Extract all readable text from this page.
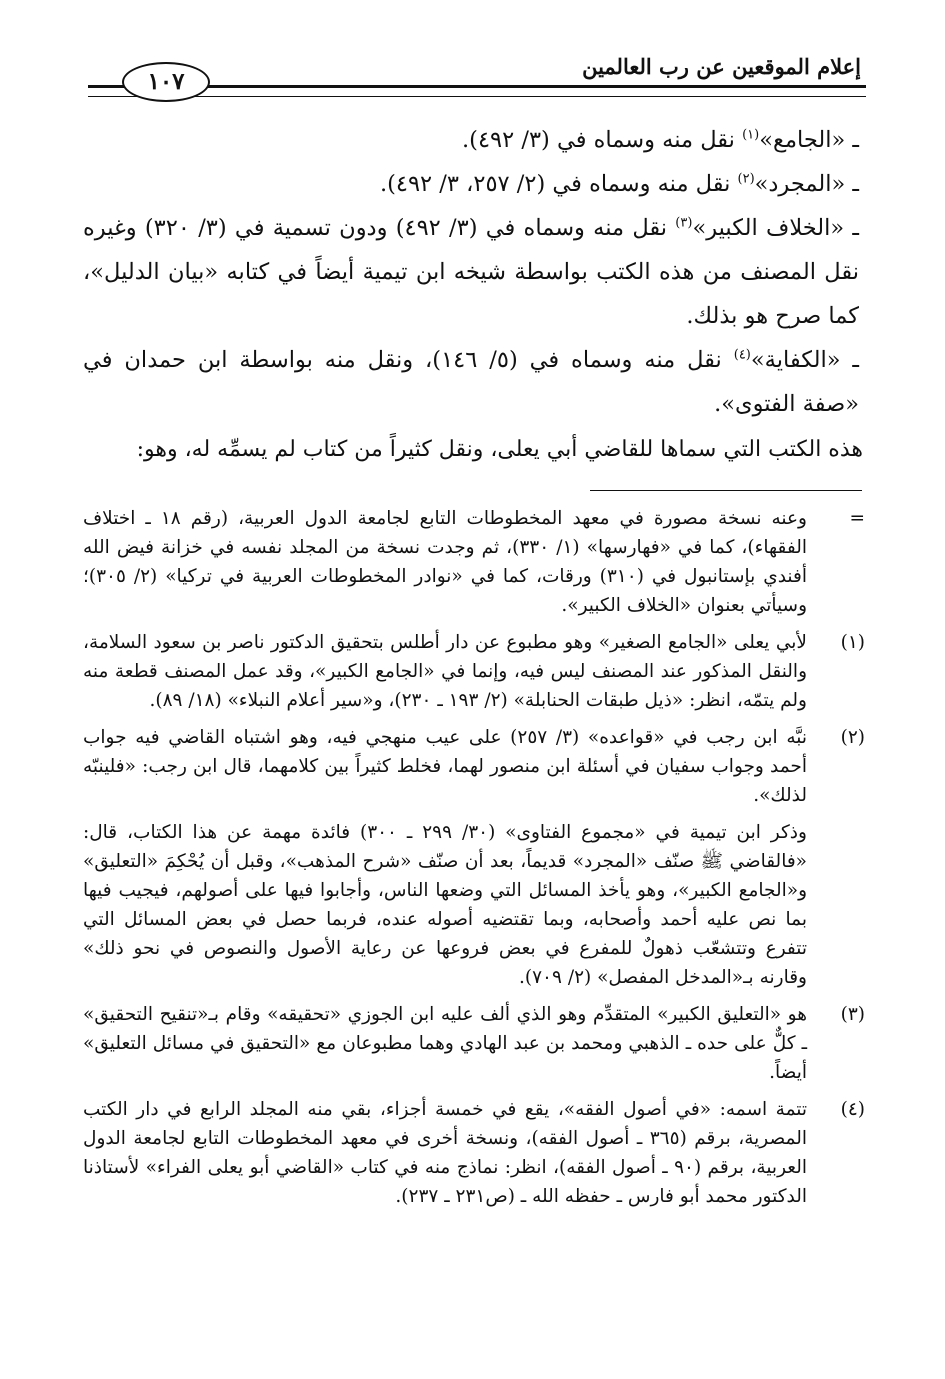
إعلام الموقعين عن رب العالمين
١٠٧

ـ «الجامع»$^{(١)}$ نقل منه وسماه في (٣/ ٤٩٢).

ـ «المجرد»$^{(٢)}$ نقل منه وسماه في (٢/ ٢٥٧، ٣/ ٤٩٢).

ـ «الخلاف الكبير»$^{(٣)}$ نقل منه وسماه في (٣/ ٤٩٢) ودون تسمية في (٣/ ٣٢٠) وغيره نقل المصنف من هذه الكتب بواسطة شيخه ابن تيمية أيضاً في كتابه «بيان الدليل»، كما صرح هو بذلك.

ـ «الكفاية»$^{(٤)}$ نقل منه وسماه في (٥/ ١٤٦)، ونقل منه بواسطة ابن حمدان في «صفة الفتوى».

هذه الكتب التي سماها للقاضي أبي يعلى، ونقل كثيراً من كتاب لم يسمِّه له، وهو:

=

وعنه نسخة مصورة في معهد المخطوطات التابع لجامعة الدول العربية، (رقم ١٨ ـ اختلاف الفقهاء)، كما في «فهارسها» (١/ ٣٣٠)، ثم وجدت نسخة من المجلد نفسه في خزانة فيض الله أفندي بإستانبول في (٣١٠) ورقات، كما في «نوادر المخطوطات العربية في تركيا» (٢/ ٣٠٥)؛ وسيأتي بعنوان «الخلاف الكبير».

(١)

لأبي يعلى «الجامع الصغير» وهو مطبوع عن دار أطلس بتحقيق الدكتور ناصر بن سعود السلامة، والنقل المذكور عند المصنف ليس فيه، وإنما في «الجامع الكبير»، وقد عمل المصنف قطعة منه ولم يتمّه، انظر: «ذيل طبقات الحنابلة» (٢/ ١٩٣ ـ ٢٣٠)، و«سير أعلام النبلاء» (١٨/ ٨٩).

(٢)

نبَّه ابن رجب في «قواعده» (٣/ ٢٥٧) على عيب منهجي فيه، وهو اشتباه القاضي فيه جواب أحمد وجواب سفيان في أسئلة ابن منصور لهما، فخلط كثيراً بين كلامهما، قال ابن رجب: «فلينبّه لذلك».

وذكر ابن تيمية في «مجموع الفتاوى» (٣٠/ ٢٩٩ ـ ٣٠٠) فائدة مهمة عن هذا الكتاب، قال: «فالقاضي ﷺ صنّف «المجرد» قديماً، بعد أن صنّف «شرح المذهب»، وقبل أن يُحْكِمَ «التعليق» و«الجامع الكبير»، وهو يأخذ المسائل التي وضعها الناس، وأجابوا فيها على أصولهم، فيجيب فيها بما نص عليه أحمد وأصحابه، وبما تقتضيه أصوله عنده، فربما حصل في بعض المسائل التي تتفرع وتتشعّب ذهولٌ للمفرع في بعض فروعها عن رعاية الأصول والنصوص في نحو ذلك» وقارنه بـ«المدخل المفصل» (٢/ ٧٠٩).

(٣)

هو «التعليق الكبير» المتقدِّم وهو الذي ألف عليه ابن الجوزي «تحقيقه» وقام بـ«تنقيح التحقيق» ـ كلٌّ على حده ـ الذهبي ومحمد بن عبد الهادي وهما مطبوعان مع «التحقيق في مسائل التعليق» أيضاً.

(٤)

تتمة اسمه: «في أصول الفقه»، يقع في خمسة أجزاء، بقي منه المجلد الرابع في دار الكتب المصرية، برقم (٣٦٥ ـ أصول الفقه)، ونسخة أخرى في معهد المخطوطات التابع لجامعة الدول العربية، برقم (٩٠ ـ أصول الفقه)، انظر: نماذج منه في كتاب «القاضي أبو يعلى الفراء» لأستاذنا الدكتور محمد أبو فارس ـ حفظه الله ـ (ص٢٣١ ـ ٢٣٧).
